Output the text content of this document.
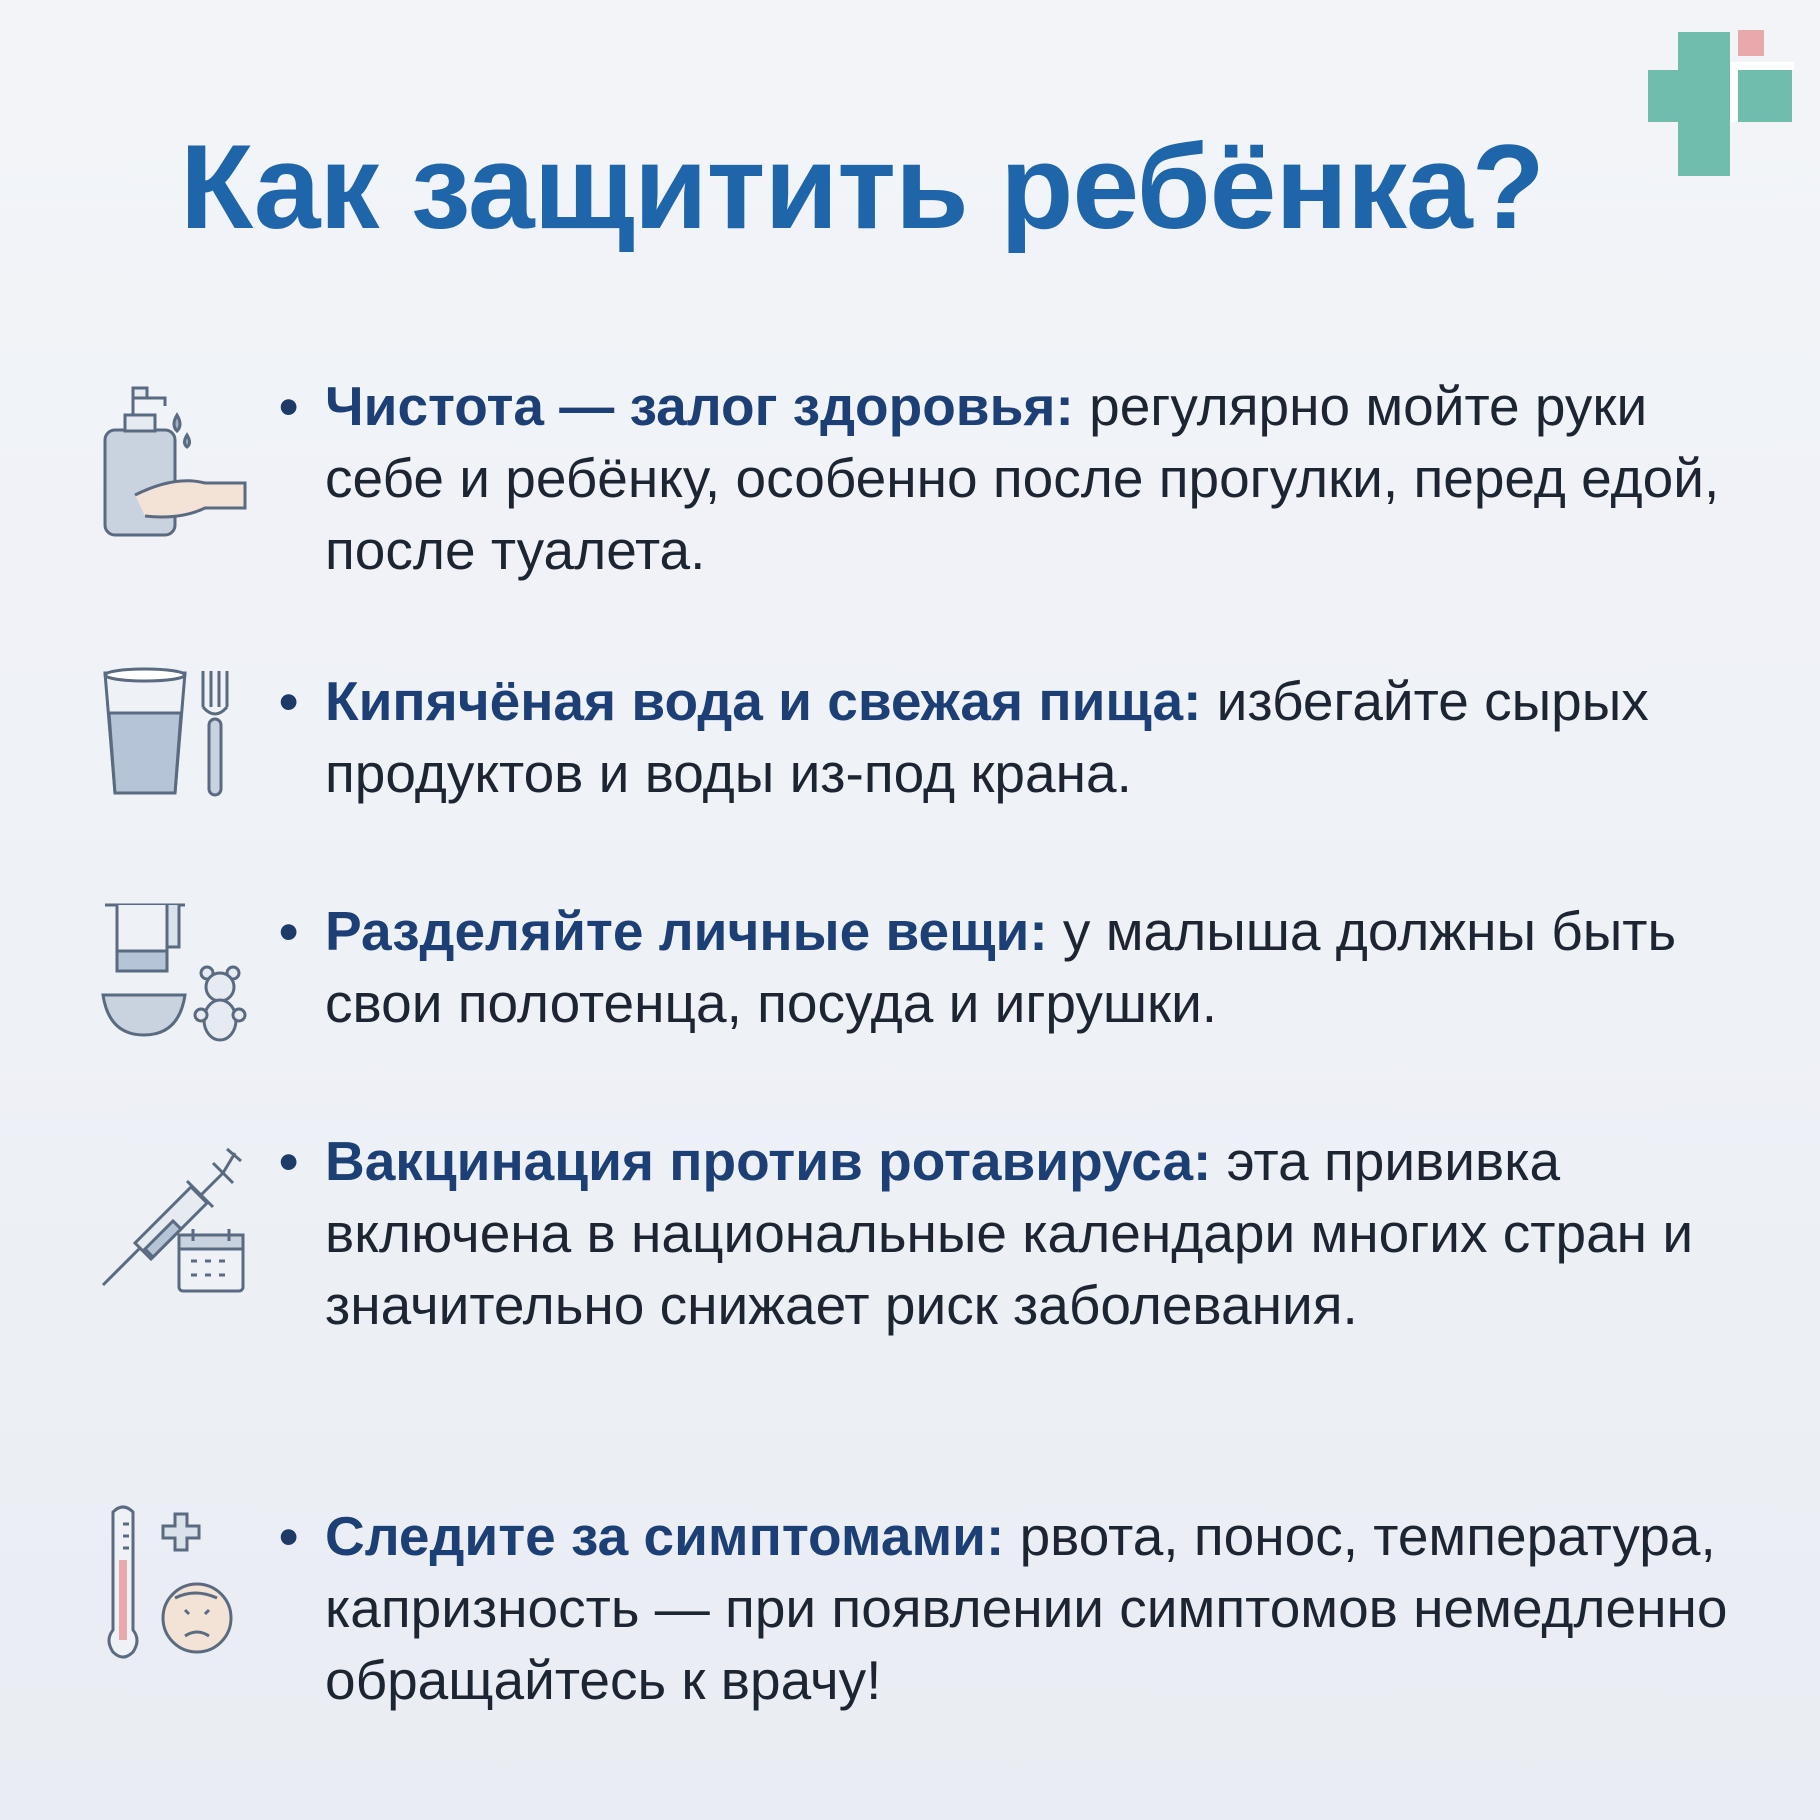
Как защитить ребёнка?

• Чистота — залог здоровья: регулярно мойте руки себе и ребёнку, особенно после прогулки, перед едой, после туалета.

• Кипячёная вода и свежая пища: избегайте сырых продуктов и воды из-под крана.

• Разделяйте личные вещи: у малыша должны быть свои полотенца, посуда и игрушки.

• Вакцинация против ротавируса: эта прививка включена в национальные календари многих стран и значительно снижает риск заболевания.

• Следите за симптомами: рвота, понос, температура, капризность — при появлении симптомов немедленно обращайтесь к врачу!
